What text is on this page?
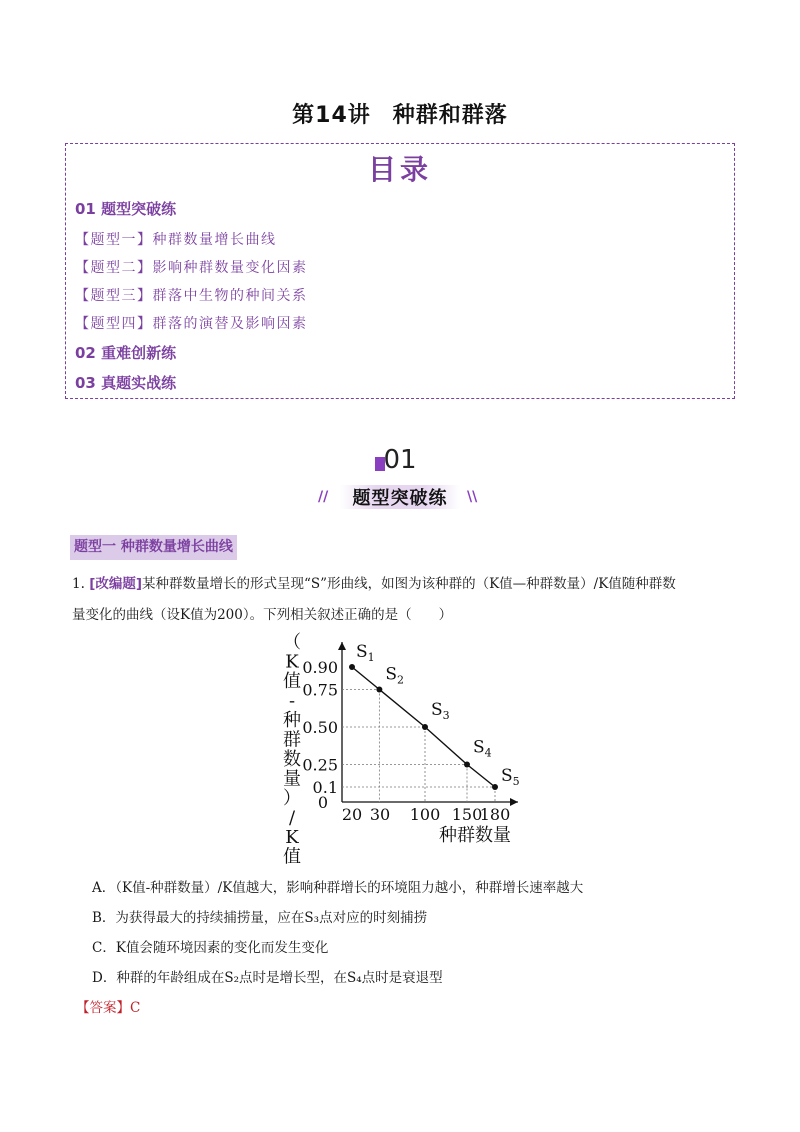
第14讲 种群和群落
目录
01 题型突破练
【题型一】种群数量增长曲线
【题型二】影响种群数量变化因素
【题型三】群落中生物的种间关系
【题型四】群落的演替及影响因素
02 重难创新练
03 真题实战练
01
题型突破练
//	\\
题型一 种群数量增长曲线
1. [改编题]某种群数量增长的形式呈现“S”形曲线，如图为该种群的（K值—种群数量）/K值随种群数
量变化的曲线（设K值为200）。下列相关叙述正确的是（　　）
$S_1$
$S_2$
$S_3$
$S_4$
$S_5$
0.1
0.25
0.50
0.75
0.90
0
20 30 100 150
180
种群数量
（ K 值-种群数量）/ K 值
A．（K值-种群数量）/K值越大，影响种群增长的环境阻力越小，种群增长速率越大
B．为获得最大的持续捕捞量，应在S₃点对应的时刻捕捞
C．K值会随环境因素的变化而发生变化
D．种群的年龄组成在S₂点时是增长型，在S₄点时是衰退型
【答案】C
